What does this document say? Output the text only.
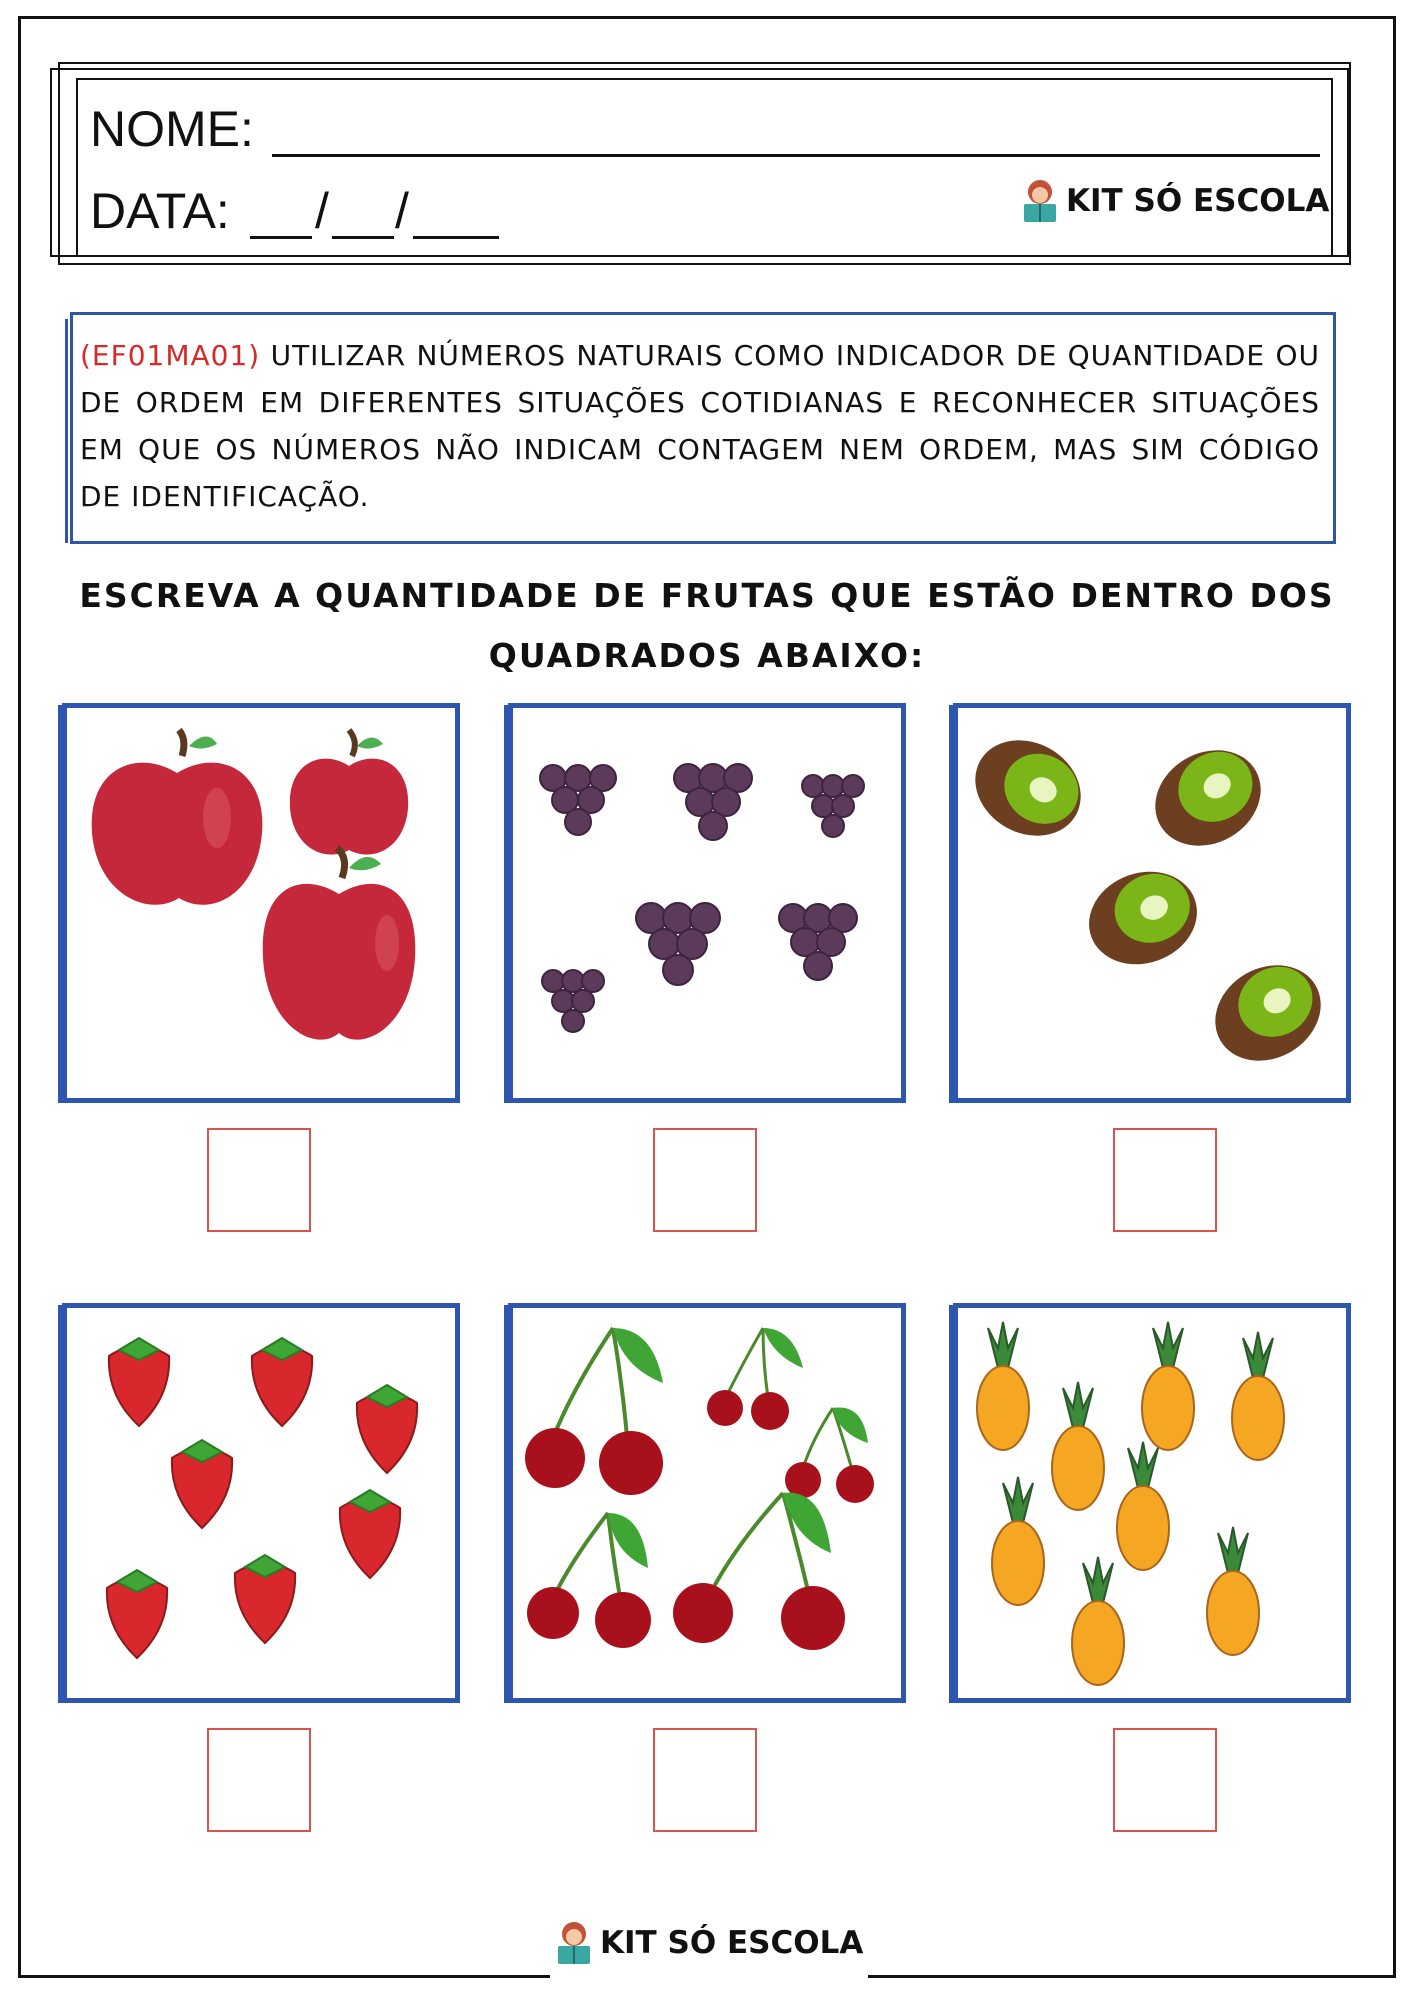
NOME:
DATA: / /	KIT SÓ ESCOLA
(EF01MA01) UTILIZAR NÚMEROS NATURAIS COMO INDICADOR DE QUANTIDADE OU DE ORDEM EM DIFERENTES SITUAÇÕES COTIDIANAS E RECONHECER SITUAÇÕES EM QUE OS NÚMEROS NÃO INDICAM CONTAGEM NEM ORDEM, MAS SIM CÓDIGO DE IDENTIFICAÇÃO.
ESCREVA A QUANTIDADE DE FRUTAS QUE ESTÃO DENTRO DOS QUADRADOS ABAIXO:
KIT SÓ ESCOLA
